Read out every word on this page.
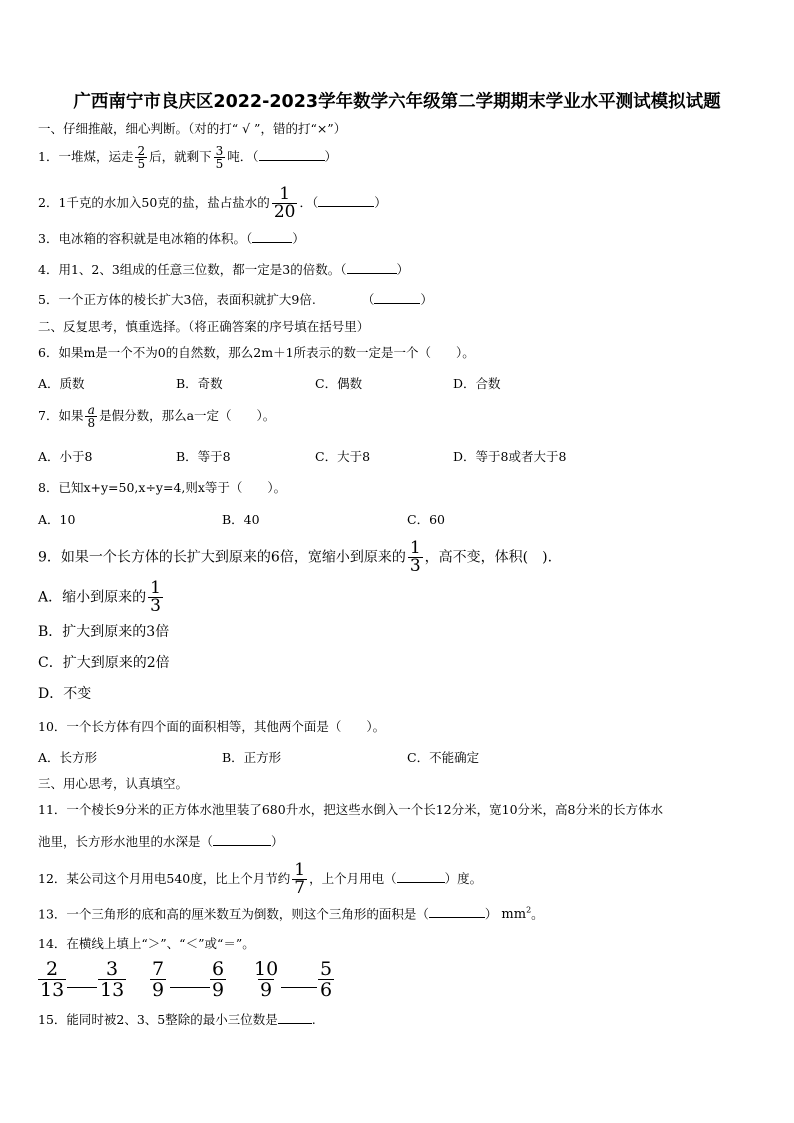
广西南宁市良庆区2022-2023学年数学六年级第二学期期末学业水平测试模拟试题
一、仔细推敲，细心判断。（对的打“ √ ”，错的打“×”）
1．一堆煤，运走 $\frac{2}{5}$ 后，就剩下 $\frac{3}{5}$ 吨．（	）
2．1千克的水加入50克的盐，盐占盐水的 $\frac{1}{20}$ ．（	）
3．电冰箱的容积就是电冰箱的体积。（	）
4．用1、2、3组成的任意三位数，都一定是3的倍数。（	）
5．一个正方体的棱长扩大3倍，表面积就扩大9倍.	（	）
二、反复思考，慎重选择。（将正确答案的序号填在括号里）
6．如果m是一个不为0的自然数，那么2m＋1所表示的数一定是一个（　　）。
A．质数	B．奇数	C．偶数	D．合数
7．如果 $\frac{a}{8}$ 是假分数，那么a一定（　　）。
A．小于8	B．等于8	C．大于8	D．等于8或者大于8
8．已知x+y=50,x÷y=4,则x等于（　　）。
A．10	B．40	C．60
9．如果一个长方体的长扩大到原来的6倍，宽缩小到原来的 $\frac{1}{3}$ ，高不变，体积(　).
A．缩小到原来的 $\frac{1}{3}$
B．扩大到原来的3倍
C．扩大到原来的2倍
D．不变
10．一个长方体有四个面的面积相等，其他两个面是（　　）。
A．长方形	B．正方形	C．不能确定
三、用心思考，认真填空。
11．一个棱长9分米的正方体水池里装了680升水，把这些水倒入一个长12分米，宽10分米，高8分米的长方体水
池里，长方形水池里的水深是（	）
12．某公司这个月用电540度，比上个月节约 $\frac{1}{7}$ ，上个月用电（	）度。
13．一个三角形的底和高的厘米数互为倒数，则这个三角形的面积是（	） $mm^2$。
14．在横线上填上“＞”、“＜”或“＝”。
2
13
3
13
7
9
6
9
10
9
5
6
15．能同时被2、3、5整除的最小三位数是	.
